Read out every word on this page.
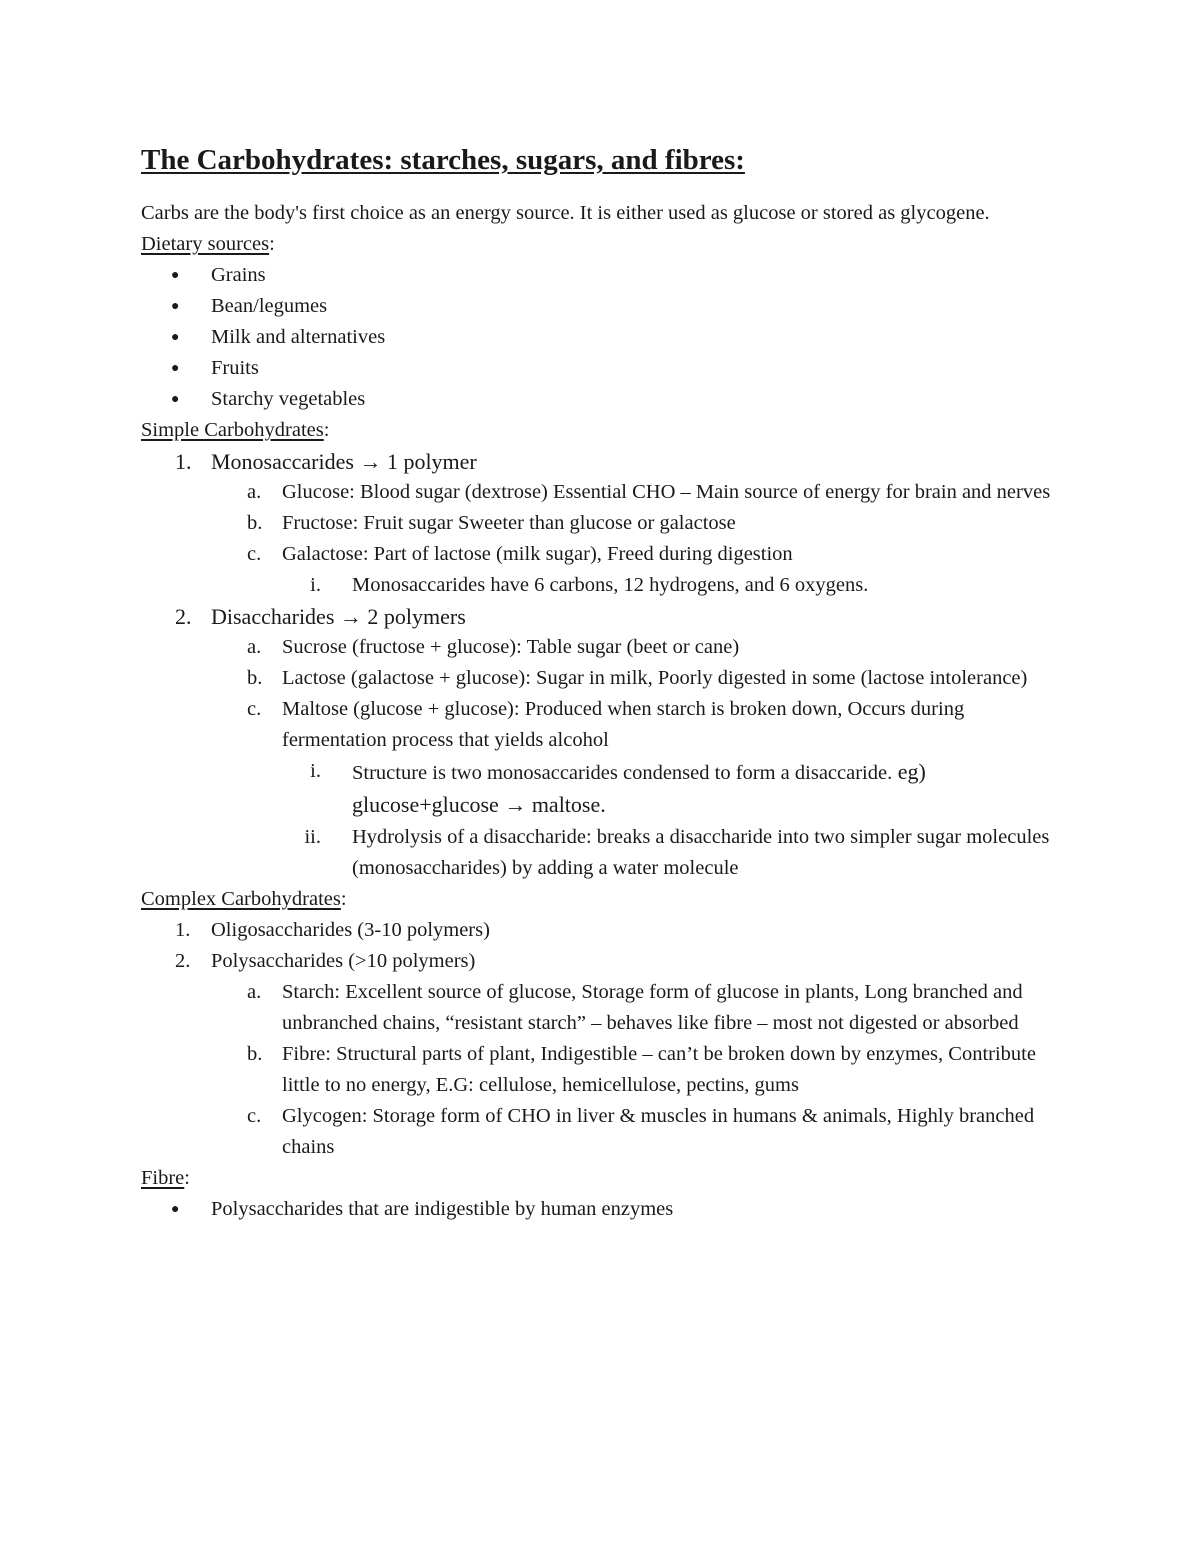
The Carbohydrates: starches, sugars, and fibres:

Carbs are the body's first choice as an energy source. It is either used as glucose or stored as glycogene.

Dietary sources:

● Grains
● Bean/legumes
● Milk and alternatives
● Fruits
● Starchy vegetables

Simple Carbohydrates:

1. Monosaccarides → 1 polymer
a.	Glucose: Blood sugar (dextrose) Essential CHO – Main source of energy for brain and nerves
b. Fructose: Fruit sugar Sweeter than glucose or galactose
c.	Galactose: Part of lactose (milk sugar), Freed during digestion
i. Monosaccarides have 6 carbons, 12 hydrogens, and 6 oxygens.
2. Disaccharides → 2 polymers
a.	Sucrose (fructose + glucose): Table sugar (beet or cane)
b. Lactose (galactose + glucose): Sugar in milk, Poorly digested in some (lactose intolerance)
c.	Maltose (glucose + glucose): Produced when starch is broken down, Occurs during fermentation process that yields alcohol
i. Structure is two monosaccarides condensed to form a disaccaride. eg) glucose+glucose → maltose.
ii. Hydrolysis of a disaccharide: breaks a disaccharide into two simpler sugar molecules (monosaccharides) by adding a water molecule

Complex Carbohydrates:

1.	Oligosaccharides (3-10 polymers)
2.	Polysaccharides (>10 polymers)
a.	Starch: Excellent source of glucose, Storage form of glucose in plants, Long branched and unbranched chains, “resistant starch” – behaves like fibre – most not digested or absorbed
b. Fibre: Structural parts of plant, Indigestible – can’t be broken down by enzymes, Contribute little to no energy, E.G: cellulose, hemicellulose, pectins, gums
c.	Glycogen: Storage form of CHO in liver & muscles in humans & animals, Highly branched chains

Fibre:

● Polysaccharides that are indigestible by human enzymes
